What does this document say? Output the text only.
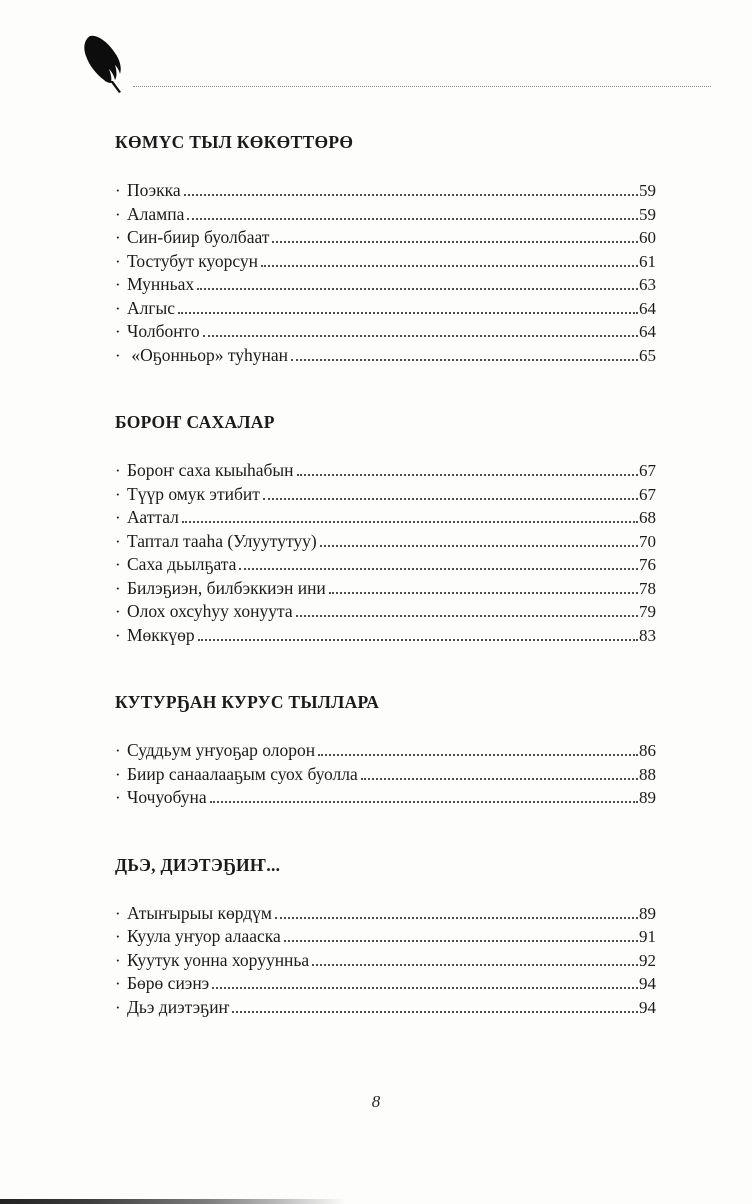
КӨМҮС ТЫЛ КӨКӨТТӨРӨ
· Поэкка	59
· Алампа	59
· Син-биир буолбаат	60
· Тостубут куорсун	61
· Мунньах	63
· Алгыс	64
· Чолбоҥго	64
· «Оҕонньор» туһунан	65
БОРОҤ САХАЛАР
· Бороҥ саха кыыһабын	67
· Түүр омук этибит	67
· Ааттал	68
· Таптал тааһа (Улуутутуу)	70
· Саха дьылҕата	76
· Билэҕиэн, билбэккиэн ини	78
· Олох охсуһуу хонуута	79
· Мөккүөр	83
КУТУРҔАН КУРУС ТЫЛЛАРА
· Суддьум уҥуоҕар олорон	86
· Биир санаалааҕым суох буолла	88
· Чочуобуна	89
ДЬЭ, ДИЭТЭҔИҤ...
· Атыҥырыы көрдүм	89
· Куула уҥуор алааска	91
· Куутук уонна хоруунньа	92
· Бөрө сиэнэ	94
· Дьэ диэтэҕиҥ	94
8
